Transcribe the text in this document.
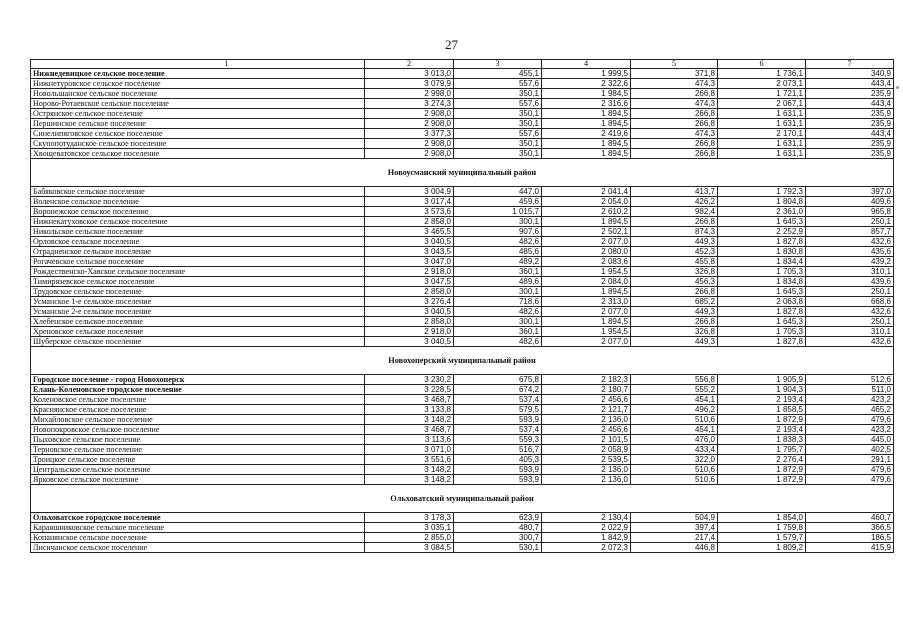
27
1	2	3	4	5	6	7
Нижнедевицкое сельское поселение	3 013,0	455,1	1 999,5	371,8	1 736,1	340,9
Нижнетуровское сельское поселение	3 079,9	557,6	2 322,6	474,3	2 073,1	443,4
Новольшанское сельское поселение	2 998,0	350,1	1 984,5	266,8	1 721,1	235,9
Норово-Ротаевское сельское поселение	3 274,3	557,6	2 316,6	474,3	2 067,1	443,4
Острянское сельское поселение	2 908,0	350,1	1 894,5	266,8	1 631,1	235,9
Першинское сельское поселение	2 908,0	350,1	1 894,5	266,8	1 631,1	235,9
Синелипяговское сельское поселение	3 377,3	557,6	2 419,6	474,3	2 170,1	443,4
Скупопотуданское сельское поселение	2 908,0	350,1	1 894,5	266,8	1 631,1	235,9
Хвощеватовское сельское поселение	2 908,0	350,1	1 894,5	266,8	1 631,1	235,9
Новоусманский муниципальный район						
Бабяковское сельское поселение	3 004,9	447,0	2 041,4	413,7	1 792,3	397,0
Воленское сельское поселение	3 017,4	459,6	2 054,0	426,2	1 804,8	409,6
Воронежское сельское поселение	3 573,6	1 015,7	2 610,2	982,4	2 361,0	965,8
Нижнекатуховское сельское поселение	2 858,0	300,1	1 894,5	266,8	1 645,3	250,1
Никольское сельское поселение	3 465,5	907,6	2 502,1	874,3	2 252,9	857,7
Орловское сельское поселение	3 040,5	482,6	2 077,0	449,3	1 827,8	432,6
Отрадненское сельское поселение	3 043,5	485,6	2 080,0	452,3	1 830,8	435,6
Рогачевское сельское поселение	3 047,0	489,2	2 083,6	455,8	1 834,4	439,2
Рождественско-Хавское сельское поселение	2 918,0	360,1	1 954,5	326,8	1 705,3	310,1
Тимирязевское сельское поселение	3 047,5	489,6	2 084,0	456,3	1 834,8	439,6
Трудовское сельское поселение	2 858,0	300,1	1 894,5	266,8	1 645,3	250,1
Усманское 1-е сельское поселение	3 276,4	718,6	2 313,0	685,2	2 063,8	668,6
Усманское 2-е сельское поселение	3 040,5	482,6	2 077,0	449,3	1 827,8	432,6
Хлебенское сельское поселение	2 858,0	300,1	1 894,5	266,8	1 645,3	250,1
Хреновское сельское поселение	2 918,0	360,1	1 954,5	326,8	1 705,3	310,1
Шуберское сельское поселение	3 040,5	482,6	2 077,0	449,3	1 827,8	432,6
Новохоперский муниципальный район						
Городское поселение - город Новохоперск	3 230,2	675,8	2 182,3	556,8	1 905,9	512,6
Елань-Коленовское городское поселение	3 228,5	674,2	2 180,7	555,2	1 904,3	511,0
Коленовское сельское поселение	3 468,7	537,4	2 456,6	454,1	2 193,4	423,2
Краснянское сельское поселение	3 133,8	579,5	2 121,7	496,2	1 858,5	465,2
Михайловское сельское поселение	3 148,2	593,9	2 136,0	510,6	1 872,9	479,6
Новопокровское сельское поселение	3 468,7	537,4	2 456,6	454,1	2 193,4	423,2
Пыховское сельское поселение	3 113,6	559,3	2 101,5	476,0	1 838,3	445,0
Терновское сельское поселение	3 071,0	516,7	2 058,9	433,4	1 795,7	402,5
Троицкое сельское поселение	3 551,6	405,3	2 539,5	322,0	2 276,4	291,1
Центральское сельское поселение	3 148,2	593,9	2 136,0	510,6	1 872,9	479,6
Ярковское сельское поселение	3 148,2	593,9	2 136,0	510,6	1 872,9	479,6
Ольховатский муниципальный район						
Ольховатское городское поселение	3 178,3	623,9	2 130,4	504,9	1 854,0	460,7
Караяшниковское сельское поселение	3 035,1	480,7	2 022,9	397,4	1 759,8	366,5
Копанянское сельское поселение	2 855,0	300,7	1 842,9	217,4	1 579,7	186,5
Лисичанское сельское поселение	3 084,5	530,1	2 072,3	446,8	1 809,2	415,9
